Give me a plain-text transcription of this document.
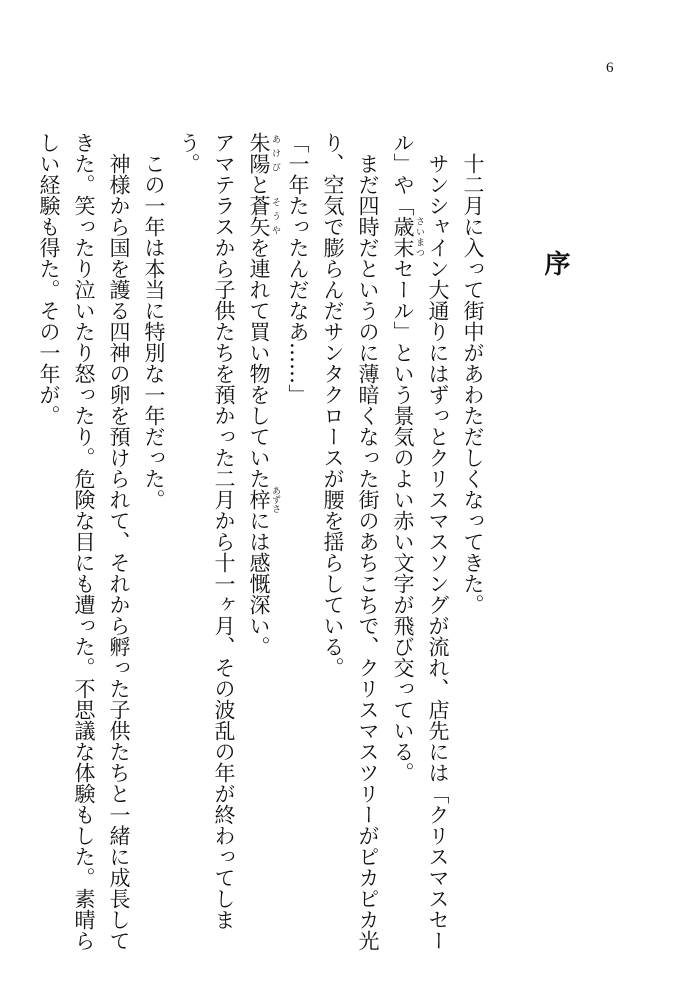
6
序

　十二月に入って街中があわただしくなってきた。

　サンシャイン大通りにはずっとクリスマスソングが流れ、店先には「クリスマスセール」や「歳末 さいまつセール」という景気のよい赤い文字が飛び交っている。

　まだ四時だというのに薄暗くなった街のあちこちで、クリスマスツリーがピカピカ光り、空気で膨らんだサンタクロースが腰を揺らしている。

「一年たったんだなあ……」

朱陽 あけびと蒼矢 そうやを連れて買い物をしていた梓 あずさには感慨深い。

アマテラスから子供たちを預かった二月から十一ヶ月、その波乱の年が終わってしまう。

　この一年は本当に特別な一年だった。

　神様から国を護る四神の卵を預けられて、それから孵った子供たちと一緒に成長してきた。笑ったり泣いたり怒ったり。危険な目にも遭った。不思議な体験もした。素晴らしい経験も得た。その一年が。
